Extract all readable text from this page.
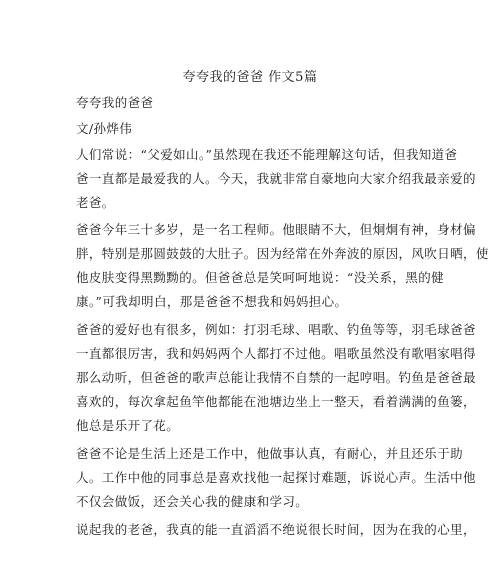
夸夸我的爸爸 作文5篇
夸夸我的爸爸
文/孙烨伟
人们常说：“父爱如山。”虽然现在我还不能理解这句话，但我知道爸
爸一直都是最爱我的人。今天，我就非常自豪地向大家介绍我最亲爱的
老爸。
爸爸今年三十多岁，是一名工程师。他眼睛不大，但炯炯有神，身材偏
胖，特别是那圆鼓鼓的大肚子。因为经常在外奔波的原因，风吹日晒，使
他皮肤变得黑黝黝的。但爸爸总是笑呵呵地说：“没关系，黑的健
康。”可我却明白，那是爸爸不想我和妈妈担心。
爸爸的爱好也有很多，例如：打羽毛球、唱歌、钓鱼等等，羽毛球爸爸
一直都很厉害，我和妈妈两个人都打不过他。唱歌虽然没有歌唱家唱得
那么动听，但爸爸的歌声总能让我情不自禁的一起哼唱。钓鱼是爸爸最
喜欢的，每次拿起鱼竿他都能在池塘边坐上一整天，看着满满的鱼篓，
他总是乐开了花。
爸爸不论是生活上还是工作中，他做事认真，有耐心，并且还乐于助
人。工作中他的同事总是喜欢找他一起探讨难题，诉说心声。生活中他
不仅会做饭，还会关心我的健康和学习。
说起我的老爸，我真的能一直滔滔不绝说很长时间，因为在我的心里，
